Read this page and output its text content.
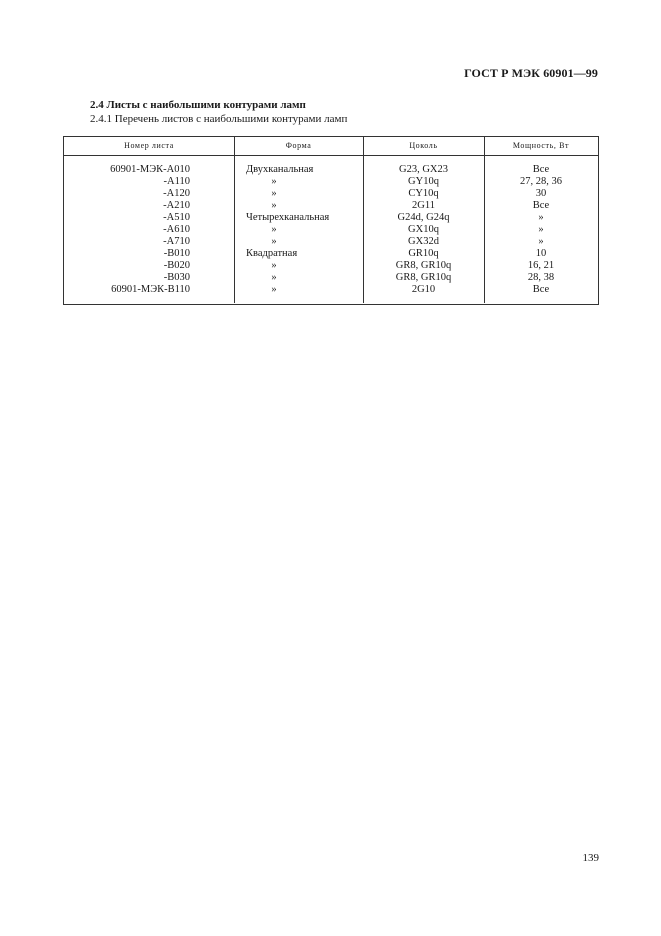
ГОСТ Р МЭК 60901—99
2.4 Листы с наибольшими контурами ламп
2.4.1 Перечень листов с наибольшими контурами ламп
Номер листа	Форма	Цоколь	Мощность, Вт
60901-МЭК-А010	Двухканальная	G23, GX23	Все
-A110	»	GY10q	27, 28, 36
-A120	»	CY10q	30
-A210	»	2G11	Все
-A510	Четырехканальная	G24d, G24q	»
-A610	»	GX10q	»
-A710	»	GX32d	»
-B010	Квадратная	GR10q	10
-B020	»	GR8, GR10q	16, 21
-B030	»	GR8, GR10q	28, 38
60901-МЭК-В110	»	2G10	Все
139
